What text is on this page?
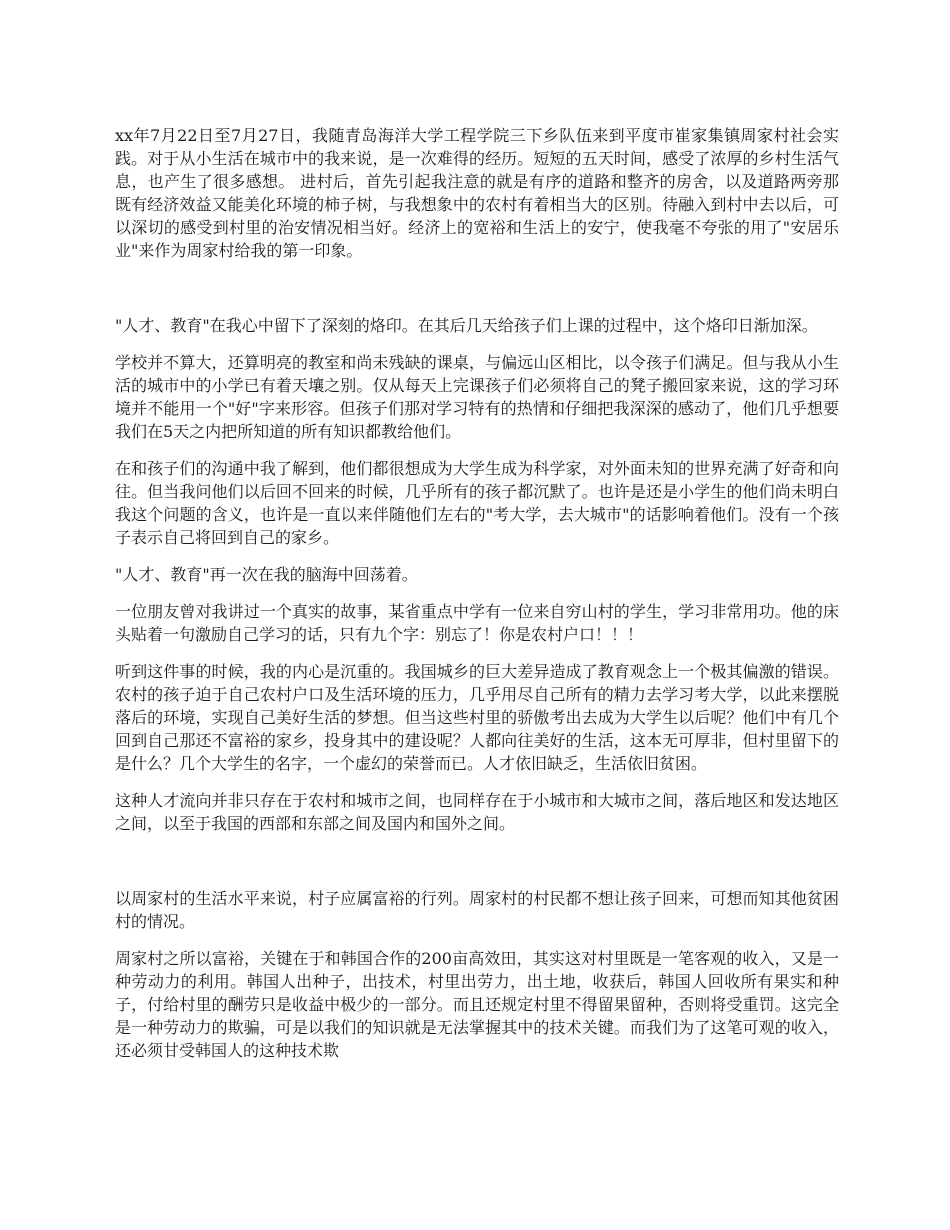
xx年7月22日至7月27日，我随青岛海洋大学工程学院三下乡队伍来到平度市崔家集镇周家村社会实践。对于从小生活在城市中的我来说，是一次难得的经历。短短的五天时间，感受了浓厚的乡村生活气息，也产生了很多感想。 进村后，首先引起我注意的就是有序的道路和整齐的房舍，以及道路两旁那既有经济效益又能美化环境的柿子树，与我想象中的农村有着相当大的区别。待融入到村中去以后，可以深切的感受到村里的治安情况相当好。经济上的宽裕和生活上的安宁，使我毫不夸张的用了"安居乐业"来作为周家村给我的第一印象。

"人才、教育"在我心中留下了深刻的烙印。在其后几天给孩子们上课的过程中，这个烙印日渐加深。

学校并不算大，还算明亮的教室和尚未残缺的课桌，与偏远山区相比，以令孩子们满足。但与我从小生活的城市中的小学已有着天壤之别。仅从每天上完课孩子们必须将自己的凳子搬回家来说，这的学习环境并不能用一个"好"字来形容。但孩子们那对学习特有的热情和仔细把我深深的感动了，他们几乎想要我们在5天之内把所知道的所有知识都教给他们。

在和孩子们的沟通中我了解到，他们都很想成为大学生成为科学家，对外面未知的世界充满了好奇和向往。但当我问他们以后回不回来的时候，几乎所有的孩子都沉默了。也许是还是小学生的他们尚未明白我这个问题的含义，也许是一直以来伴随他们左右的"考大学，去大城市"的话影响着他们。没有一个孩子表示自己将回到自己的家乡。

"人才、教育"再一次在我的脑海中回荡着。

一位朋友曾对我讲过一个真实的故事，某省重点中学有一位来自穷山村的学生，学习非常用功。他的床头贴着一句激励自己学习的话，只有九个字：别忘了！你是农村户口！！！

听到这件事的时候，我的内心是沉重的。我国城乡的巨大差异造成了教育观念上一个极其偏激的错误。农村的孩子迫于自己农村户口及生活环境的压力，几乎用尽自己所有的精力去学习考大学，以此来摆脱落后的环境，实现自己美好生活的梦想。但当这些村里的骄傲考出去成为大学生以后呢？他们中有几个回到自己那还不富裕的家乡，投身其中的建设呢？人都向往美好的生活，这本无可厚非，但村里留下的是什么？几个大学生的名字，一个虚幻的荣誉而已。人才依旧缺乏，生活依旧贫困。

这种人才流向并非只存在于农村和城市之间，也同样存在于小城市和大城市之间，落后地区和发达地区之间，以至于我国的西部和东部之间及国内和国外之间。

以周家村的生活水平来说，村子应属富裕的行列。周家村的村民都不想让孩子回来，可想而知其他贫困村的情况。

周家村之所以富裕，关键在于和韩国合作的200亩高效田，其实这对村里既是一笔客观的收入，又是一种劳动力的利用。韩国人出种子，出技术，村里出劳力，出土地，收获后，韩国人回收所有果实和种子，付给村里的酬劳只是收益中极少的一部分。而且还规定村里不得留果留种，否则将受重罚。这完全是一种劳动力的欺骗，可是以我们的知识就是无法掌握其中的技术关键。而我们为了这笔可观的收入，还必须甘受韩国人的这种技术欺
